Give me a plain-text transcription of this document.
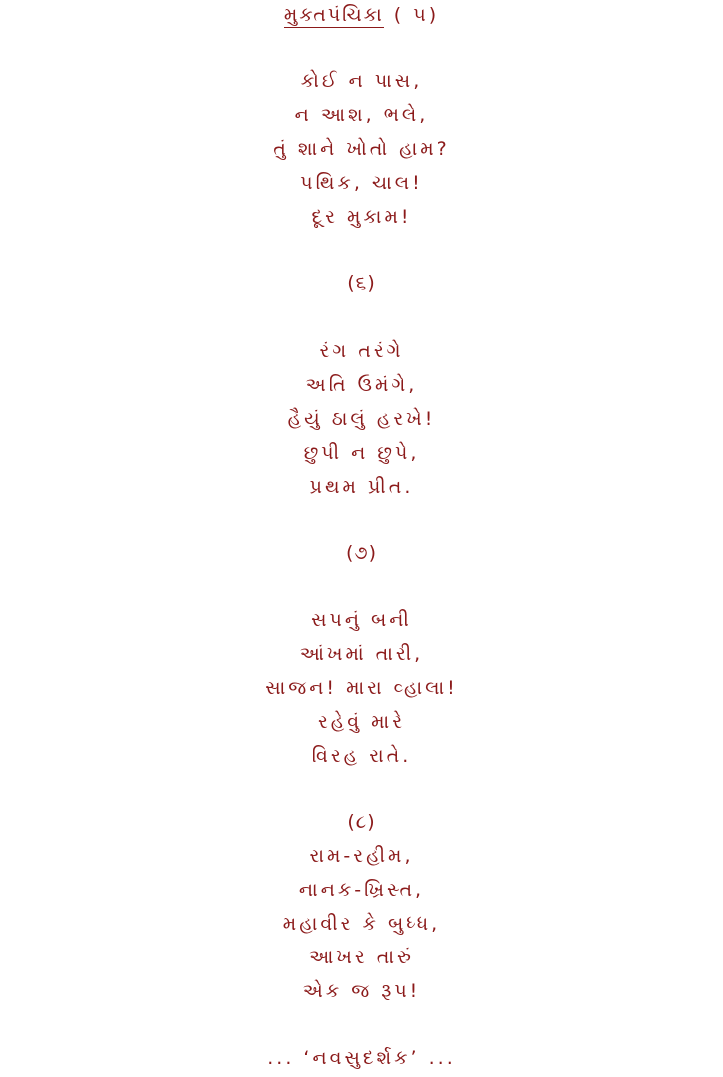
મુક્તપંચિકા ( ૫)
કોઈ ન પાસ,
ન આશ, ભલે,
તું શાને ખોતો હામ?
પથિક, ચાલ!
દૂર મુકામ!
(૬)
રંગ તરંગે
અતિ ઉમંગે,
હૈયું ઠાલું હરખે!
છુપી ન છુપે,
પ્રથમ પ્રીત.
(૭)
સપનું બની
આંખમાં તારી,
સાજન! મારા વ્હાલા!
રહેવું મારે
વિરહ રાતે.
(૮)
રામ-રહીમ,
નાનક-ખ્રિસ્ત,
મહાવીર કે બુધ્ધ,
આખર તારું
એક જ રૂપ!
... ‘નવસુદર્શક’ ...
